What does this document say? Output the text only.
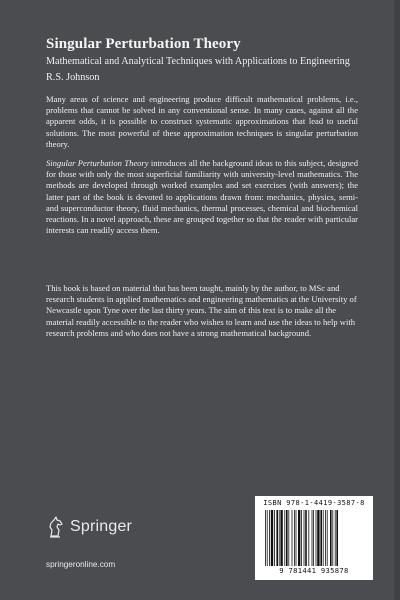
Singular Perturbation Theory

Mathematical and Analytical Techniques with Applications to Engineering

R.S. Johnson

Many areas of science and engineering produce difficult mathematical problems, i.e., problems that cannot be solved in any conventional sense. In many cases, against all the apparent odds, it is possible to construct systematic approximations that lead to useful solutions. The most powerful of these approximation techniques is singular perturbation theory.

Singular Perturbation Theory introduces all the background ideas to this subject, designed for those with only the most superficial familiarity with university-level mathematics. The methods are developed through worked examples and set exercises (with answers); the latter part of the book is devoted to applications drawn from: mechanics, physics, semi- and superconductor theory, fluid mechanics, thermal processes, chemical and biochemical reactions. In a novel approach, these are grouped together so that the reader with particular interests can readily access them.

This book is based on material that has been taught, mainly by the author, to MSc and research students in applied mathematics and engineering mathematics at the University of Newcastle upon Tyne over the last thirty years. The aim of this text is to make all the material readily accessible to the reader who wishes to learn and use the ideas to help with research problems and who does not have a strong mathematical background.

Springer
springeronline.com
ISBN 978-1-4419-3587-8
9 781441 935878
